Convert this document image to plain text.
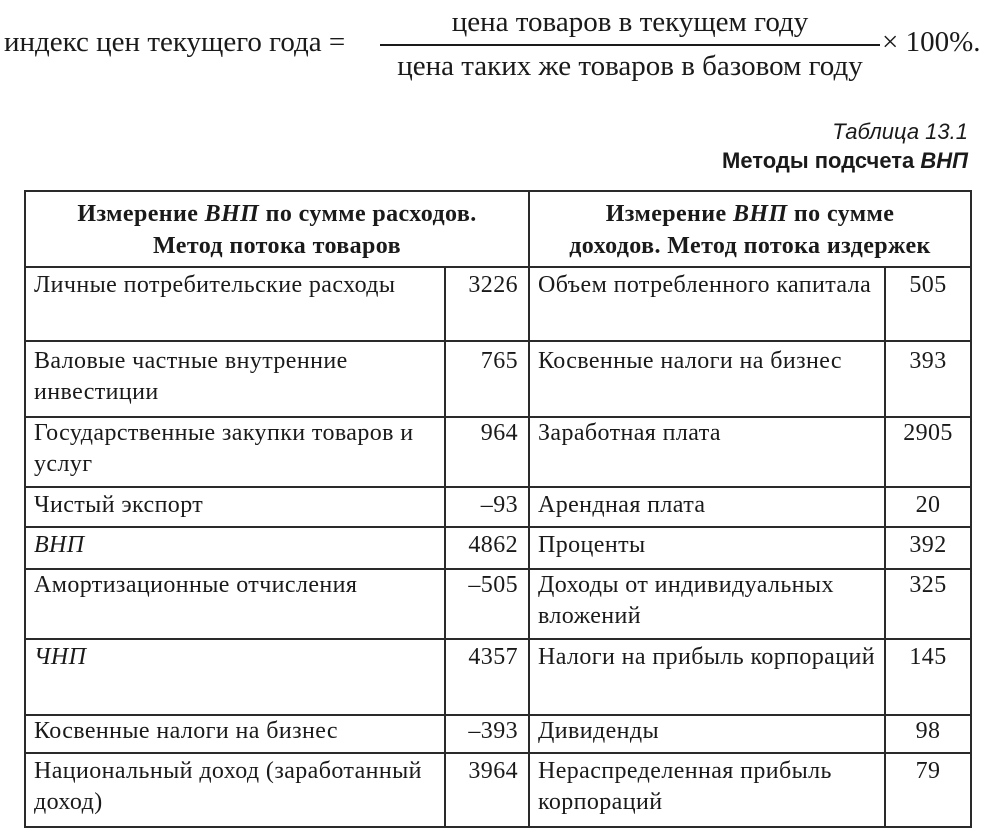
индекс цен текущего года =
цена товаров в текущем году
цена таких же товаров в базовом году
× 100%.
Таблица 13.1
Методы подсчета ВНП
Измерение ВНП по сумме расходов.
Метод потока товаров		Измерение ВНП по сумме
доходов. Метод потока издержек	
Личные потребительские расходы	3226	Объем потребленного капитала	505
Валовые частные внутренние инвестиции	765	Косвенные налоги на бизнес	393
Государственные закупки товаров и услуг	964	Заработная плата	2905
Чистый экспорт	–93	Арендная плата	20
ВНП	4862	Проценты	392
Амортизационные отчисления	–505	Доходы от индивидуальных вложений	325
ЧНП	4357	Налоги на прибыль корпораций	145
Косвенные налоги на бизнес	–393	Дивиденды	98
Национальный доход (заработанный доход)	3964	Нераспределенная прибыль корпораций	79
